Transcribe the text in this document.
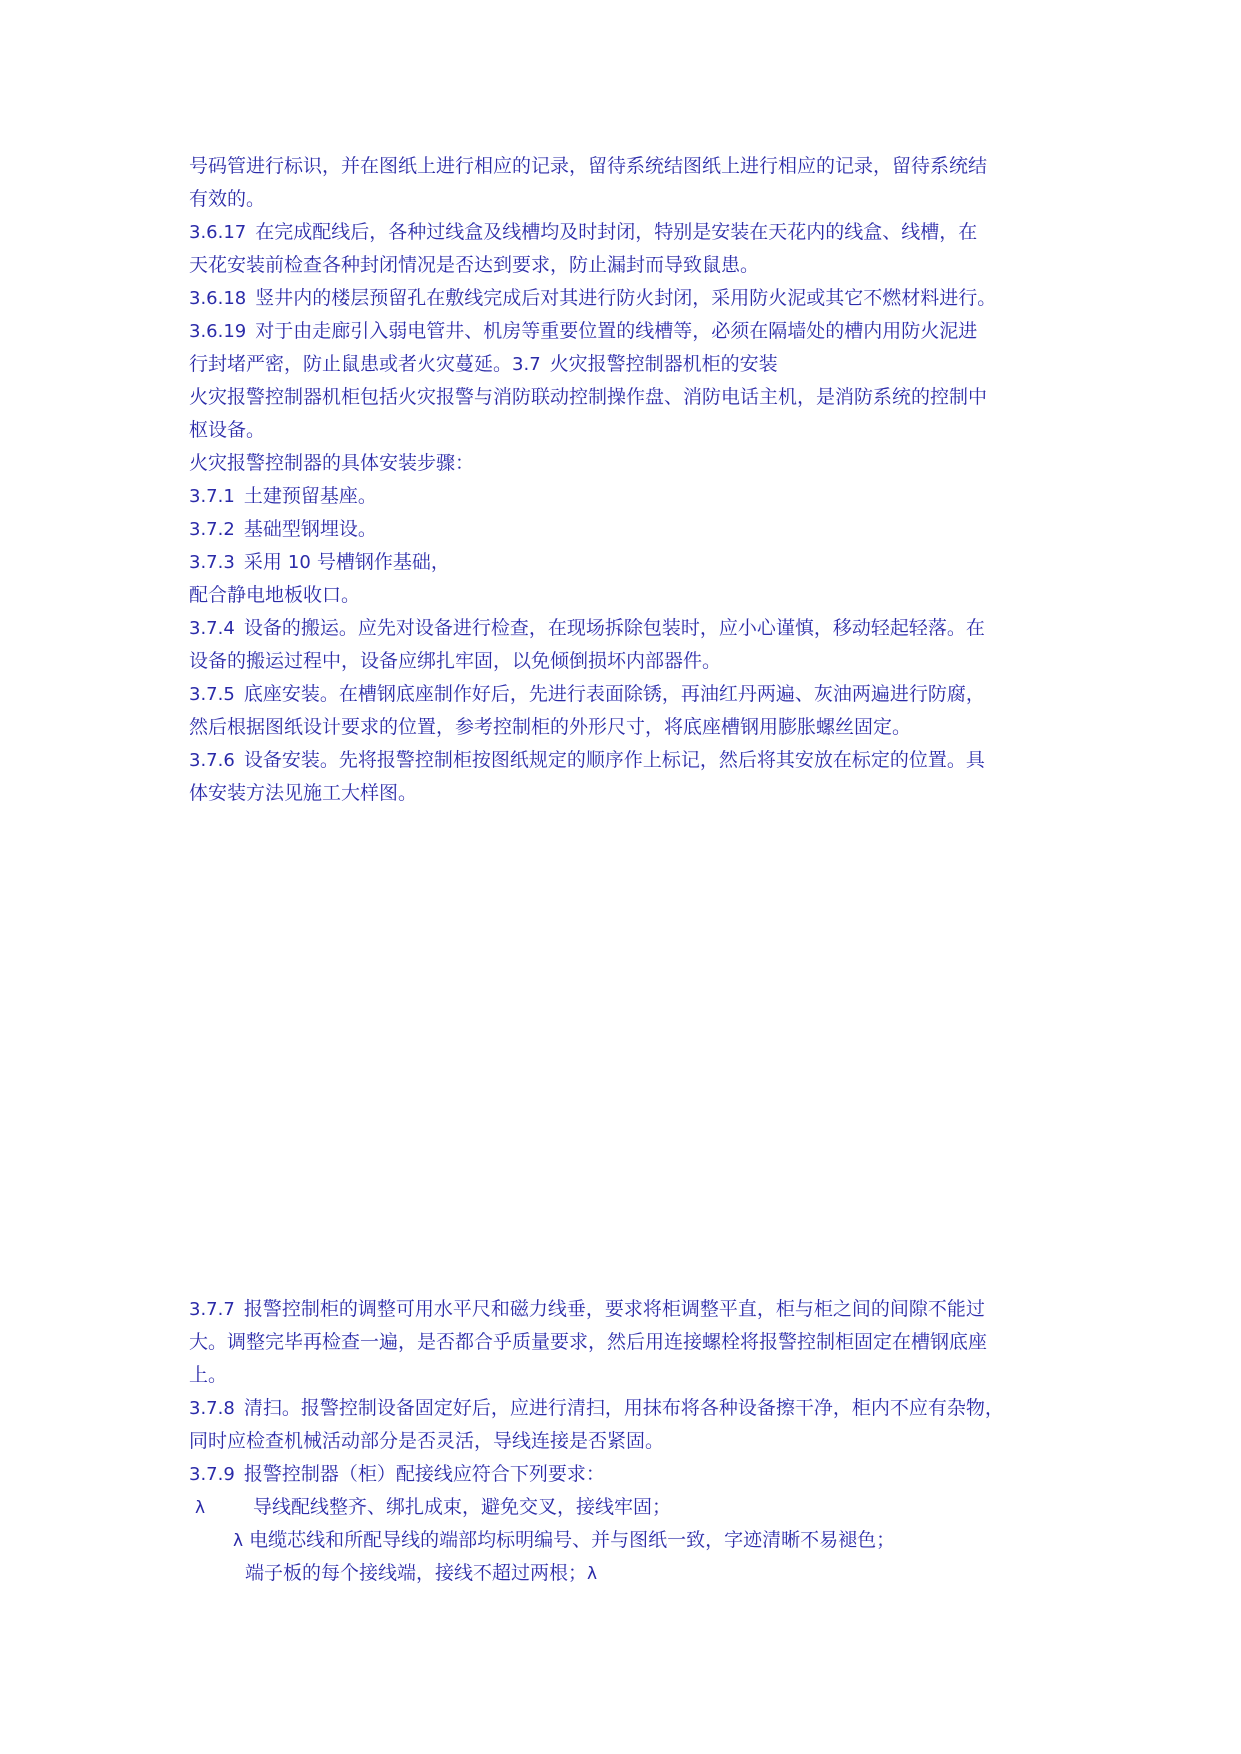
号码管进行标识，并在图纸上进行相应的记录，留待系统结图纸上进行相应的记录，留待系统结
有效的。
3.6.17 在完成配线后，各种过线盒及线槽均及时封闭，特别是安装在天花内的线盒、线槽，在
天花安装前检查各种封闭情况是否达到要求，防止漏封而导致鼠患。
3.6.18 竖井内的楼层预留孔在敷线完成后对其进行防火封闭，采用防火泥或其它不燃材料进行。
3.6.19 对于由走廊引入弱电管井、机房等重要位置的线槽等，必须在隔墙处的槽内用防火泥进
行封堵严密，防止鼠患或者火灾蔓延。3.7 火灾报警控制器机柜的安装
火灾报警控制器机柜包括火灾报警与消防联动控制操作盘、消防电话主机，是消防系统的控制中
枢设备。
火灾报警控制器的具体安装步骤：
3.7.1 土建预留基座。
3.7.2 基础型钢埋设。
3.7.3 采用 10 号槽钢作基础，
配合静电地板收口。
3.7.4 设备的搬运。应先对设备进行检查，在现场拆除包装时，应小心谨慎，移动轻起轻落。在
设备的搬运过程中，设备应绑扎牢固，以免倾倒损坏内部器件。
3.7.5 底座安装。在槽钢底座制作好后，先进行表面除锈，再油红丹两遍、灰油两遍进行防腐，
然后根据图纸设计要求的位置，参考控制柜的外形尺寸，将底座槽钢用膨胀螺丝固定。
3.7.6 设备安装。先将报警控制柜按图纸规定的顺序作上标记，然后将其安放在标定的位置。具
体安装方法见施工大样图。
3.7.7 报警控制柜的调整可用水平尺和磁力线垂，要求将柜调整平直，柜与柜之间的间隙不能过
大。调整完毕再检查一遍，是否都合乎质量要求，然后用连接螺栓将报警控制柜固定在槽钢底座
上。
3.7.8 清扫。报警控制设备固定好后，应进行清扫，用抹布将各种设备擦干净，柜内不应有杂物，
同时应检查机械活动部分是否灵活，导线连接是否紧固。
3.7.9 报警控制器（柜）配接线应符合下列要求：
λ	导线配线整齐、绑扎成束，避免交叉，接线牢固；
λ 电缆芯线和所配导线的端部均标明编号、并与图纸一致，字迹清晰不易褪色；
端子板的每个接线端，接线不超过两根；λ
